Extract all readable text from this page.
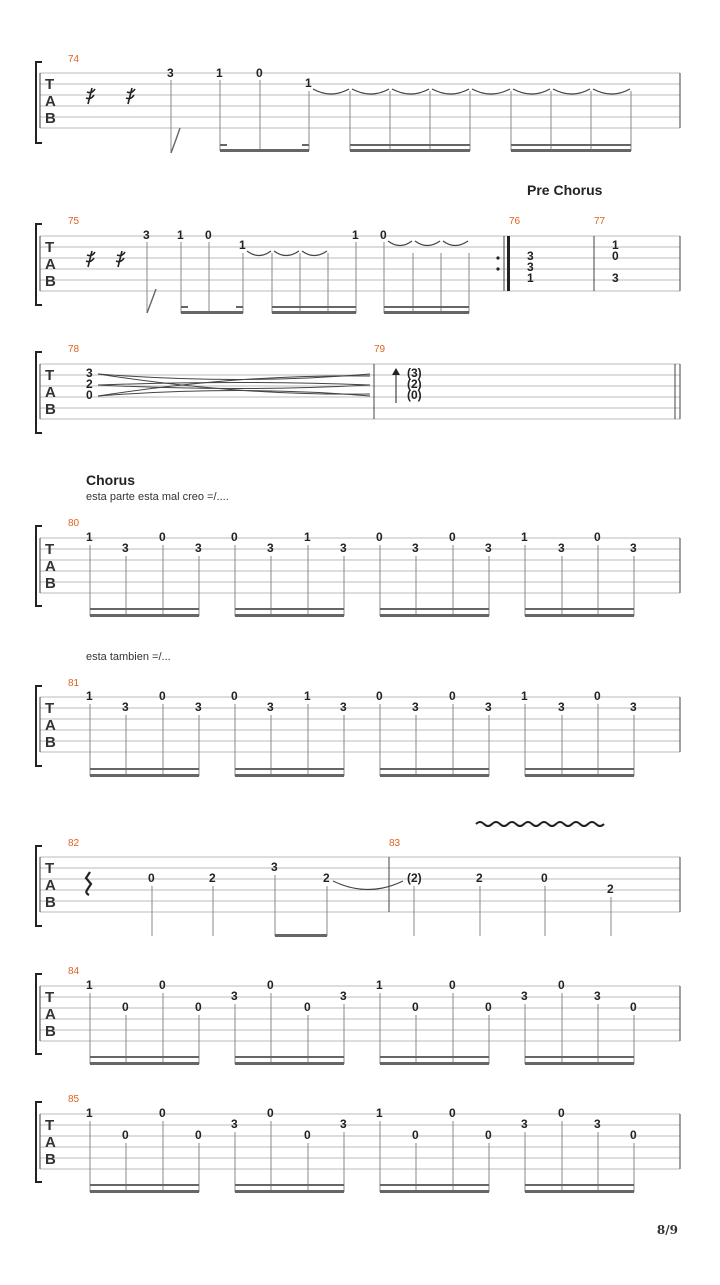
T
A
B
74
3	1	0
1
Pre Chorus
T
A
B
75	76	77
3 1 0
1
1 0
3
3
1
1
0
3
T
A
B
78	79
3
2
0
(3)
(2)
(0)
Chorus
esta parte esta mal creo =/....
T
A
B
80
1
3
0
3
0
3
1
3
0
3
0
3
1
3
0
3
esta tambien =/...
T
A
B
81
1
3
0
3
0
3
1
3
0
3
0
3
1
3
0
3
T
A
B
82	83
0	2
3
2	(2)	2	0
2
T
A
B
84
1
0
0
0
3
0
0
3
1
0
0
0
3
0
3
0
T
A
B
85
1
0
0
0
3
0
0
3
1
0
0
0
3
0
3
0
8/9
